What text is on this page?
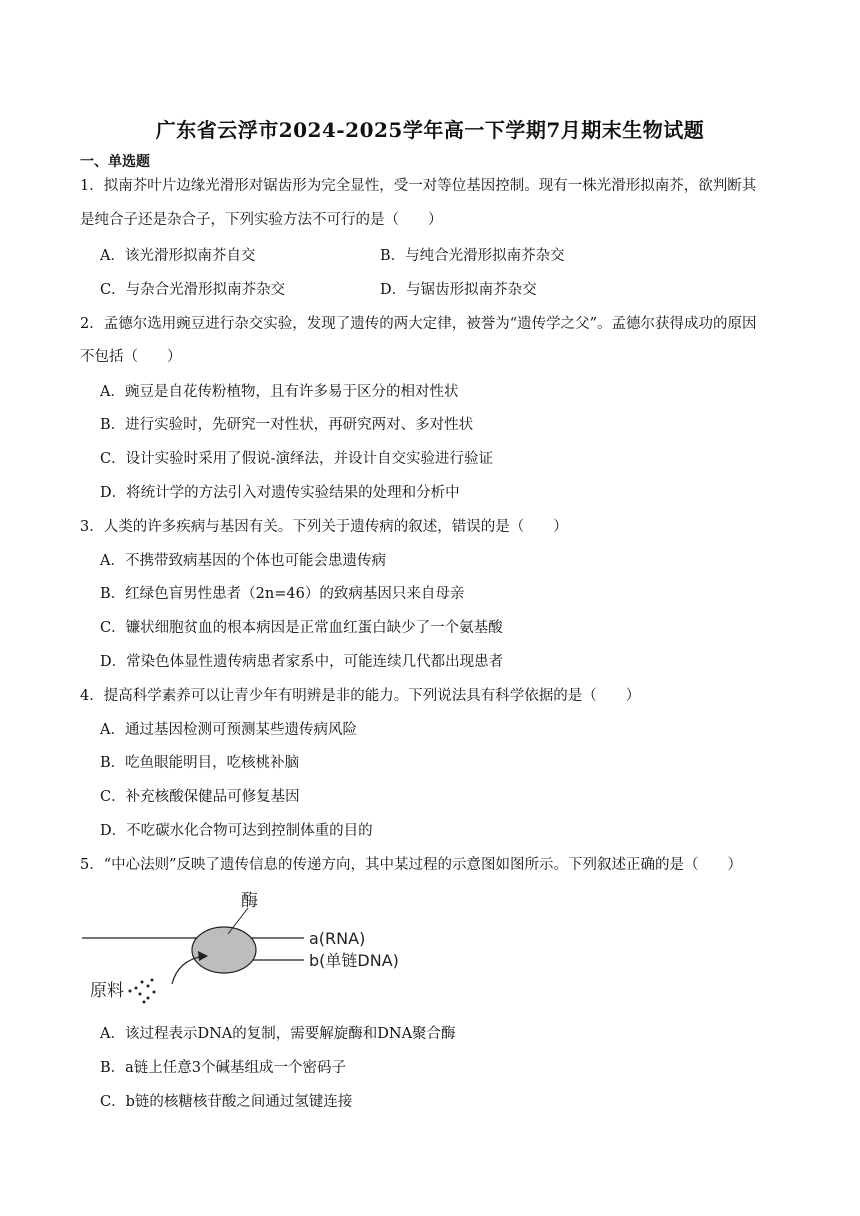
广东省云浮市2024-2025学年高一下学期7月期末生物试题
一、单选题
1．拟南芥叶片边缘光滑形对锯齿形为完全显性，受一对等位基因控制。现有一株光滑形拟南芥，欲判断其
是纯合子还是杂合子，下列实验方法不可行的是（　　）
A．该光滑形拟南芥自交	B．与纯合光滑形拟南芥杂交
C．与杂合光滑形拟南芥杂交	D．与锯齿形拟南芥杂交
2．孟德尔选用豌豆进行杂交实验，发现了遗传的两大定律，被誉为“遗传学之父”。孟德尔获得成功的原因
不包括（　　）
A．豌豆是自花传粉植物，且有许多易于区分的相对性状
B．进行实验时，先研究一对性状，再研究两对、多对性状
C．设计实验时采用了假说-演绎法，并设计自交实验进行验证
D．将统计学的方法引入对遗传实验结果的处理和分析中
3．人类的许多疾病与基因有关。下列关于遗传病的叙述，错误的是（　　）
A．不携带致病基因的个体也可能会患遗传病
B．红绿色盲男性患者（2n=46）的致病基因只来自母亲
C．镰状细胞贫血的根本病因是正常血红蛋白缺少了一个氨基酸
D．常染色体显性遗传病患者家系中，可能连续几代都出现患者
4．提高科学素养可以让青少年有明辨是非的能力。下列说法具有科学依据的是（　　）
A．通过基因检测可预测某些遗传病风险
B．吃鱼眼能明目，吃核桃补脑
C．补充核酸保健品可修复基因
D．不吃碳水化合物可达到控制体重的目的
5．“中心法则”反映了遗传信息的传递方向，其中某过程的示意图如图所示。下列叙述正确的是（　　）
酶
a(RNA)
b(单链DNA)
原料
A．该过程表示DNA的复制，需要解旋酶和DNA聚合酶
B．a链上任意3个碱基组成一个密码子
C．b链的核糖核苷酸之间通过氢键连接
